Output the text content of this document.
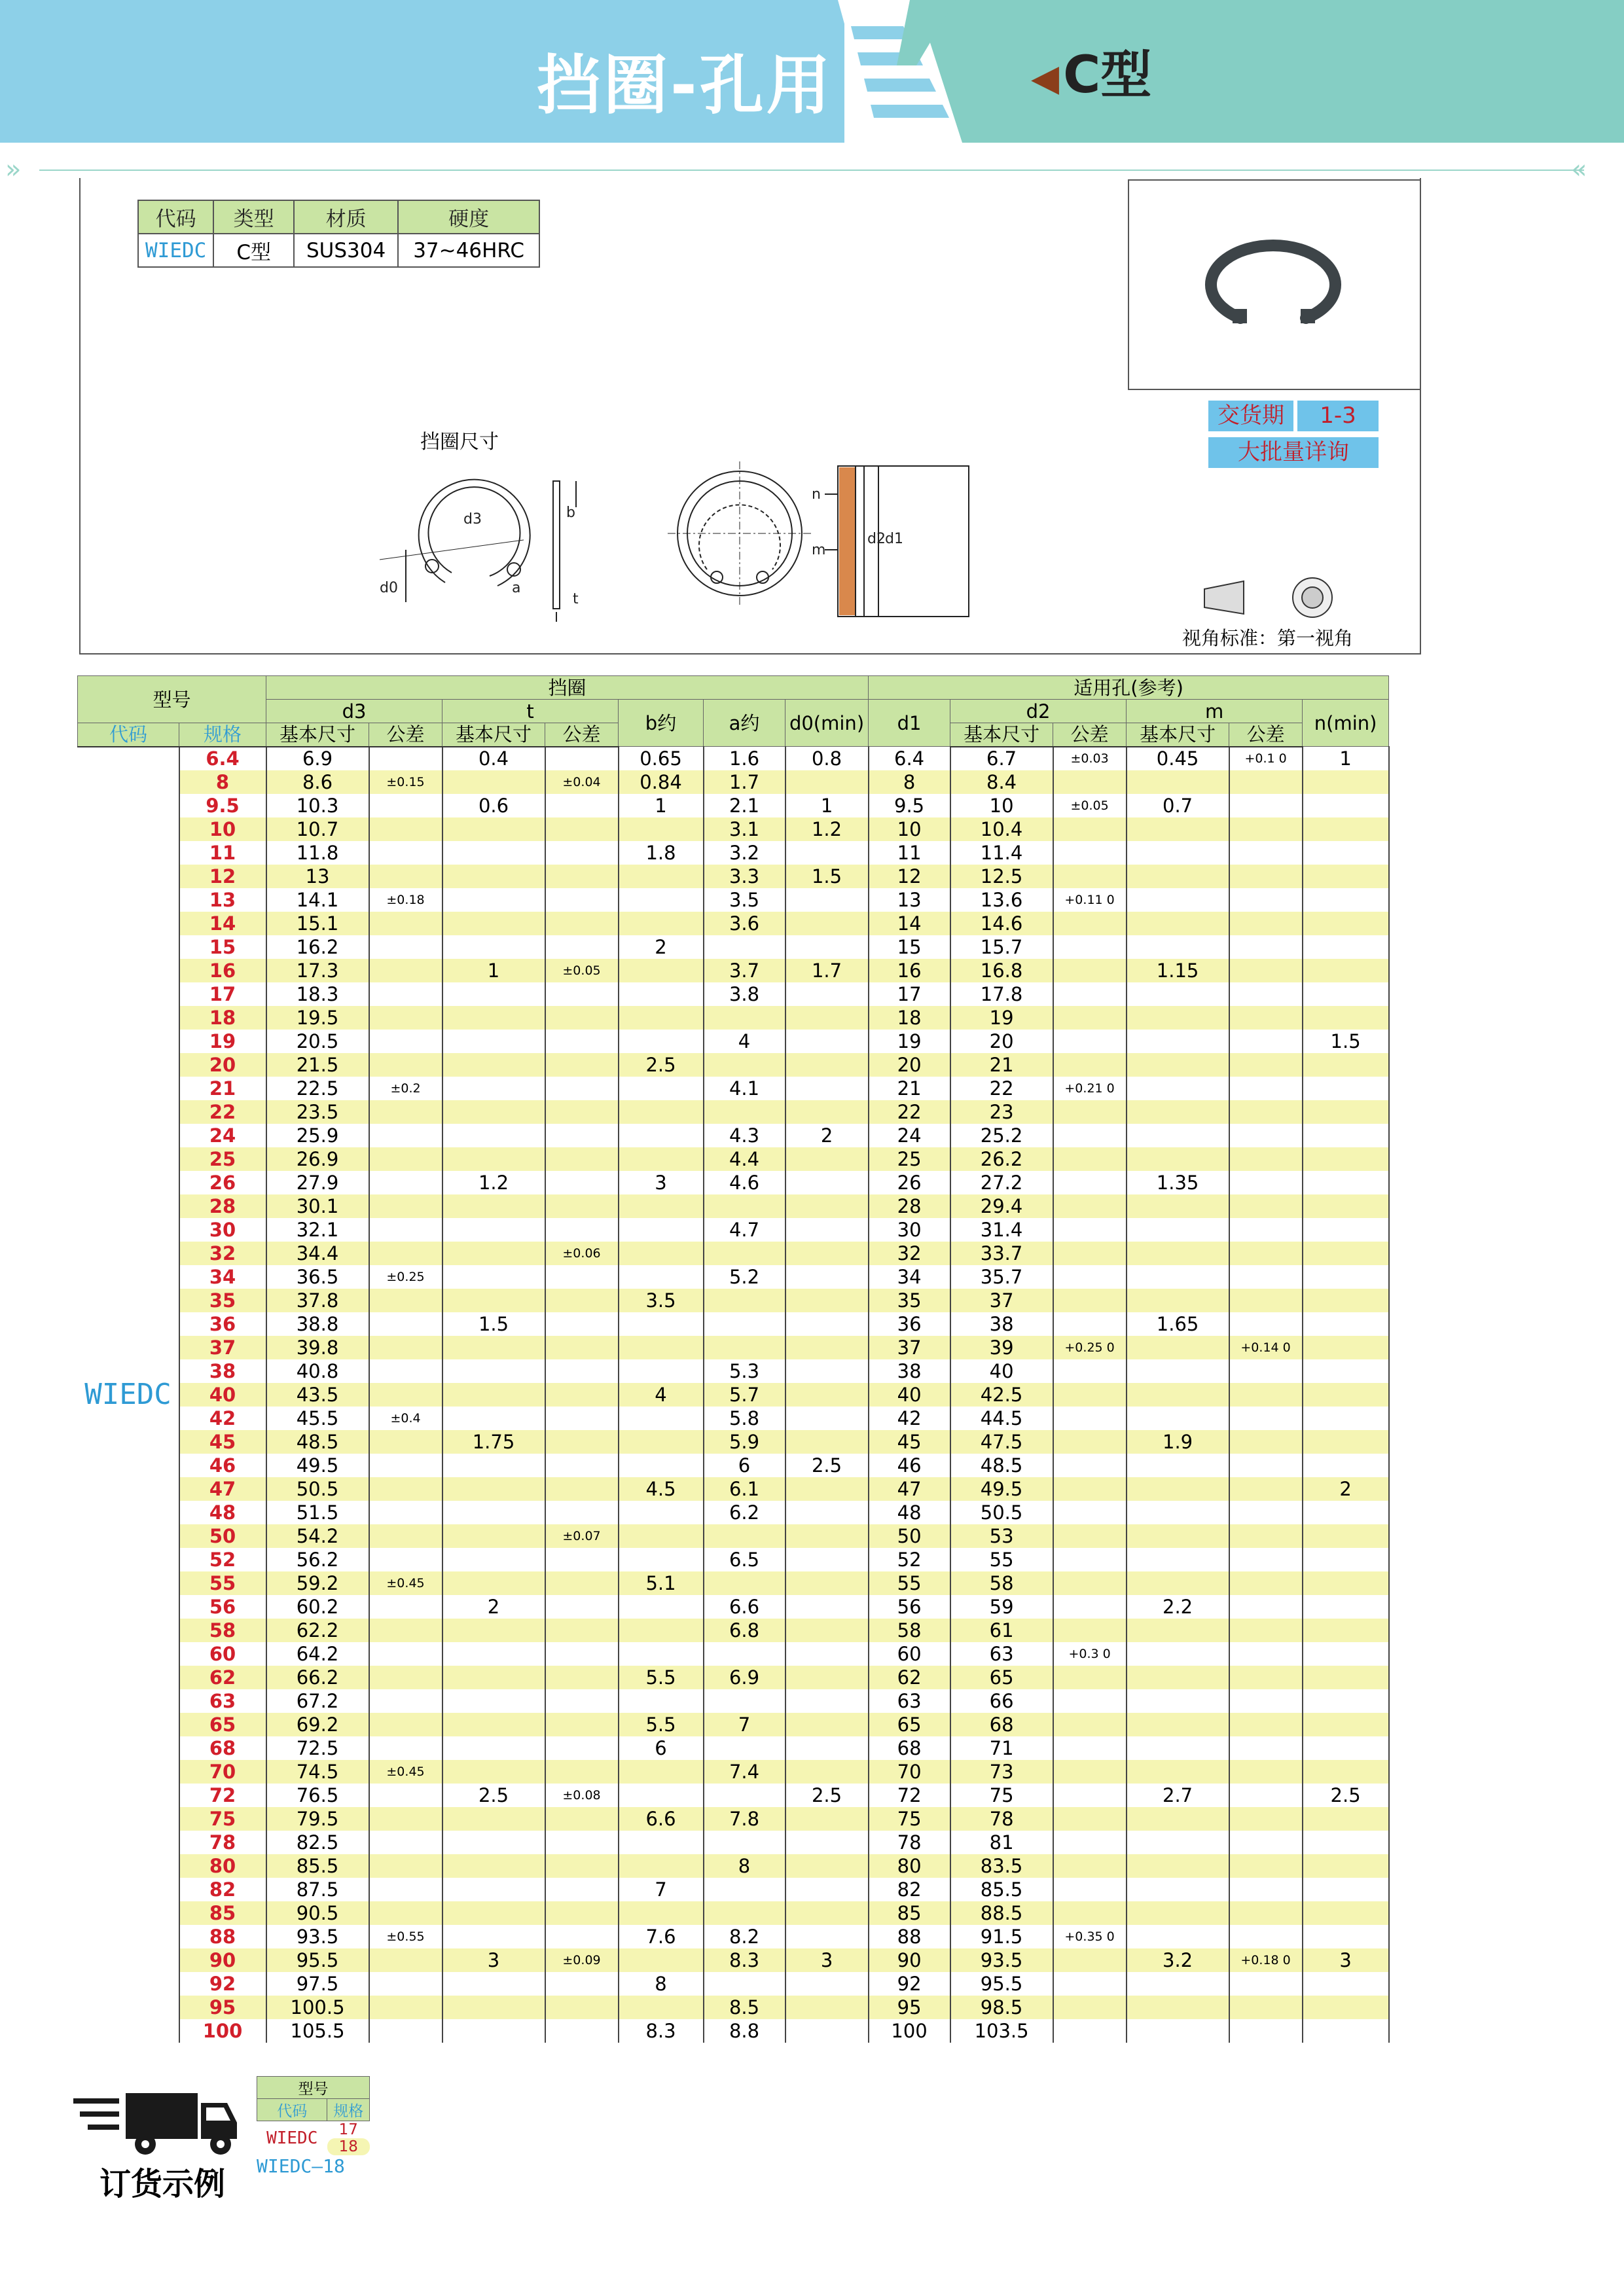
»	«
挡圈-孔用	◀C型
代码	类型	材质	硬度
WIEDC	C型	SUS304	37~46HRC
交货期	1-3
大批量详询
挡圈尺寸
d3	b
a
d0
t
n
m
d2 d1
视角标准：第一视角
型号		挡圈							适用孔(参考)					
		d3		t		b约	a约	d0(min)	d1	d2		m		n(min)
代码	规格	基本尺寸	公差	基本尺寸	公差					基本尺寸	公差	基本尺寸	公差	
WIEDC	6.4	6.9		0.4		0.65	1.6	0.8	6.4	6.7	±0.03	0.45	+0.1 0	1
	8	8.6	±0.15		±0.04	0.84	1.7		8	8.4				
	9.5	10.3		0.6		1	2.1	1	9.5	10	±0.05	0.7		
	10	10.7					3.1	1.2	10	10.4				
	11	11.8				1.8	3.2		11	11.4				
	12	13					3.3	1.5	12	12.5				
	13	14.1	±0.18				3.5		13	13.6	+0.11 0			
	14	15.1					3.6		14	14.6				
	15	16.2				2			15	15.7				
	16	17.3		1	±0.05		3.7	1.7	16	16.8		1.15		
	17	18.3					3.8		17	17.8				
	18	19.5							18	19				
	19	20.5					4		19	20				1.5
	20	21.5				2.5			20	21				
	21	22.5	±0.2				4.1		21	22	+0.21 0			
	22	23.5							22	23				
	24	25.9					4.3	2	24	25.2				
	25	26.9					4.4		25	26.2				
	26	27.9		1.2		3	4.6		26	27.2		1.35		
	28	30.1							28	29.4				
	30	32.1					4.7		30	31.4				
	32	34.4			±0.06				32	33.7				
	34	36.5	±0.25				5.2		34	35.7				
	35	37.8				3.5			35	37				
	36	38.8		1.5					36	38		1.65		
	37	39.8							37	39	+0.25 0		+0.14 0	
	38	40.8					5.3		38	40				
	40	43.5				4	5.7		40	42.5				
	42	45.5	±0.4				5.8		42	44.5				
	45	48.5		1.75			5.9		45	47.5		1.9		
	46	49.5					6	2.5	46	48.5				
	47	50.5				4.5	6.1		47	49.5				2
	48	51.5					6.2		48	50.5				
	50	54.2			±0.07				50	53				
	52	56.2					6.5		52	55				
	55	59.2	±0.45			5.1			55	58				
	56	60.2		2			6.6		56	59		2.2		
	58	62.2					6.8		58	61				
	60	64.2							60	63	+0.3 0			
	62	66.2				5.5	6.9		62	65				
	63	67.2							63	66				
	65	69.2				5.5	7		65	68				
	68	72.5				6			68	71				
	70	74.5	±0.45				7.4		70	73				
	72	76.5		2.5	±0.08			2.5	72	75		2.7		2.5
	75	79.5				6.6	7.8		75	78				
	78	82.5							78	81				
	80	85.5					8		80	83.5				
	82	87.5				7			82	85.5				
	85	90.5							85	88.5				
	88	93.5	±0.55			7.6	8.2		88	91.5	+0.35 0			
	90	95.5		3	±0.09		8.3	3	90	93.5		3.2	+0.18 0	3
	92	97.5				8			92	95.5				
	95	100.5					8.5		95	98.5				
	100	105.5				8.3	8.8		100	103.5				
订货示例
型号	
代码	规格
WIEDC	17
	18
WIEDC—18
